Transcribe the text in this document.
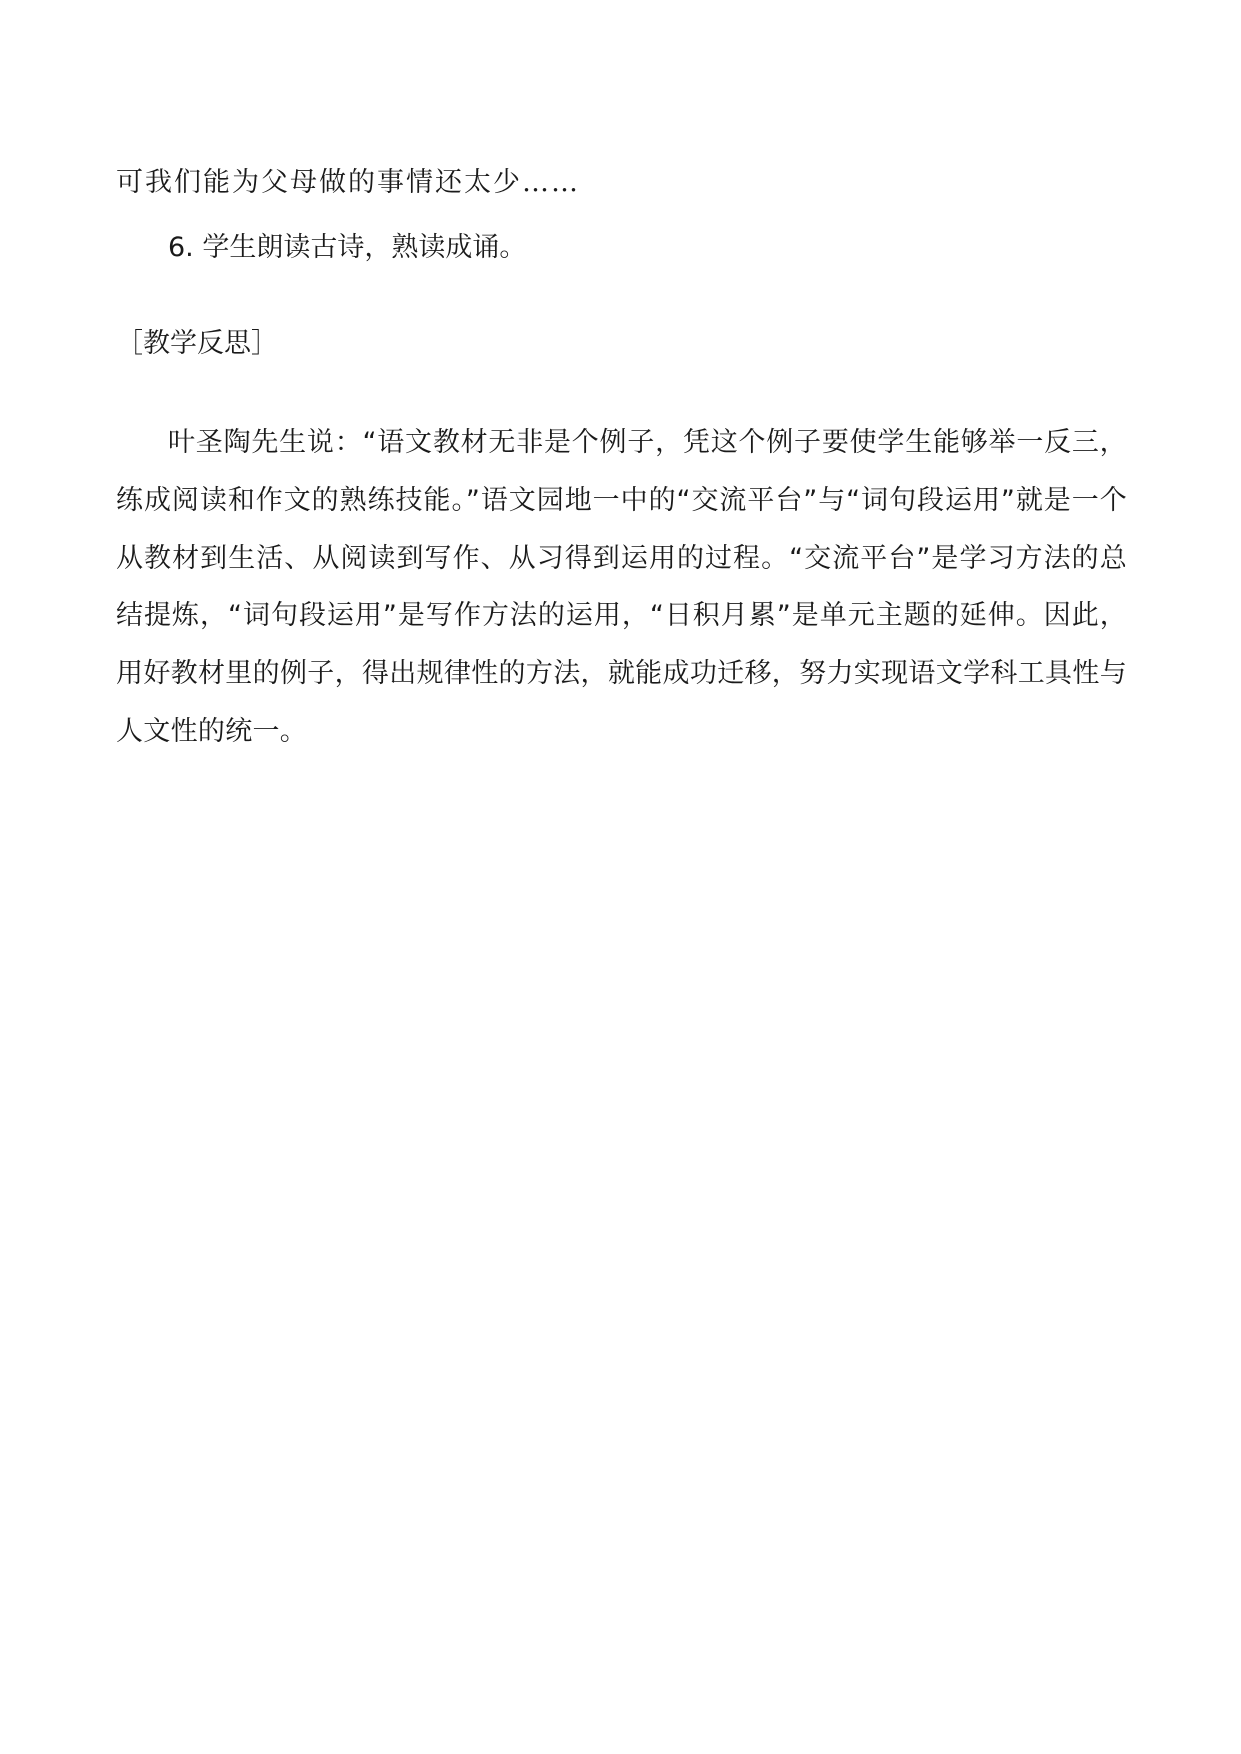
可我们能为父母做的事情还太少……
6. 学生朗读古诗，熟读成诵。
［教学反思］

叶圣陶先生说：“语文教材无非是个例子，凭这个例子要使学生能够举一反三，练成阅读和作文的熟练技能。”语文园地一中的“交流平台”与“词句段运用”就是一个从教材到生活、从阅读到写作、从习得到运用的过程。“交流平台”是学习方法的总结提炼，“词句段运用”是写作方法的运用，“日积月累”是单元主题的延伸。因此，用好教材里的例子，得出规律性的方法，就能成功迁移，努力实现语文学科工具性与人文性的统一。
